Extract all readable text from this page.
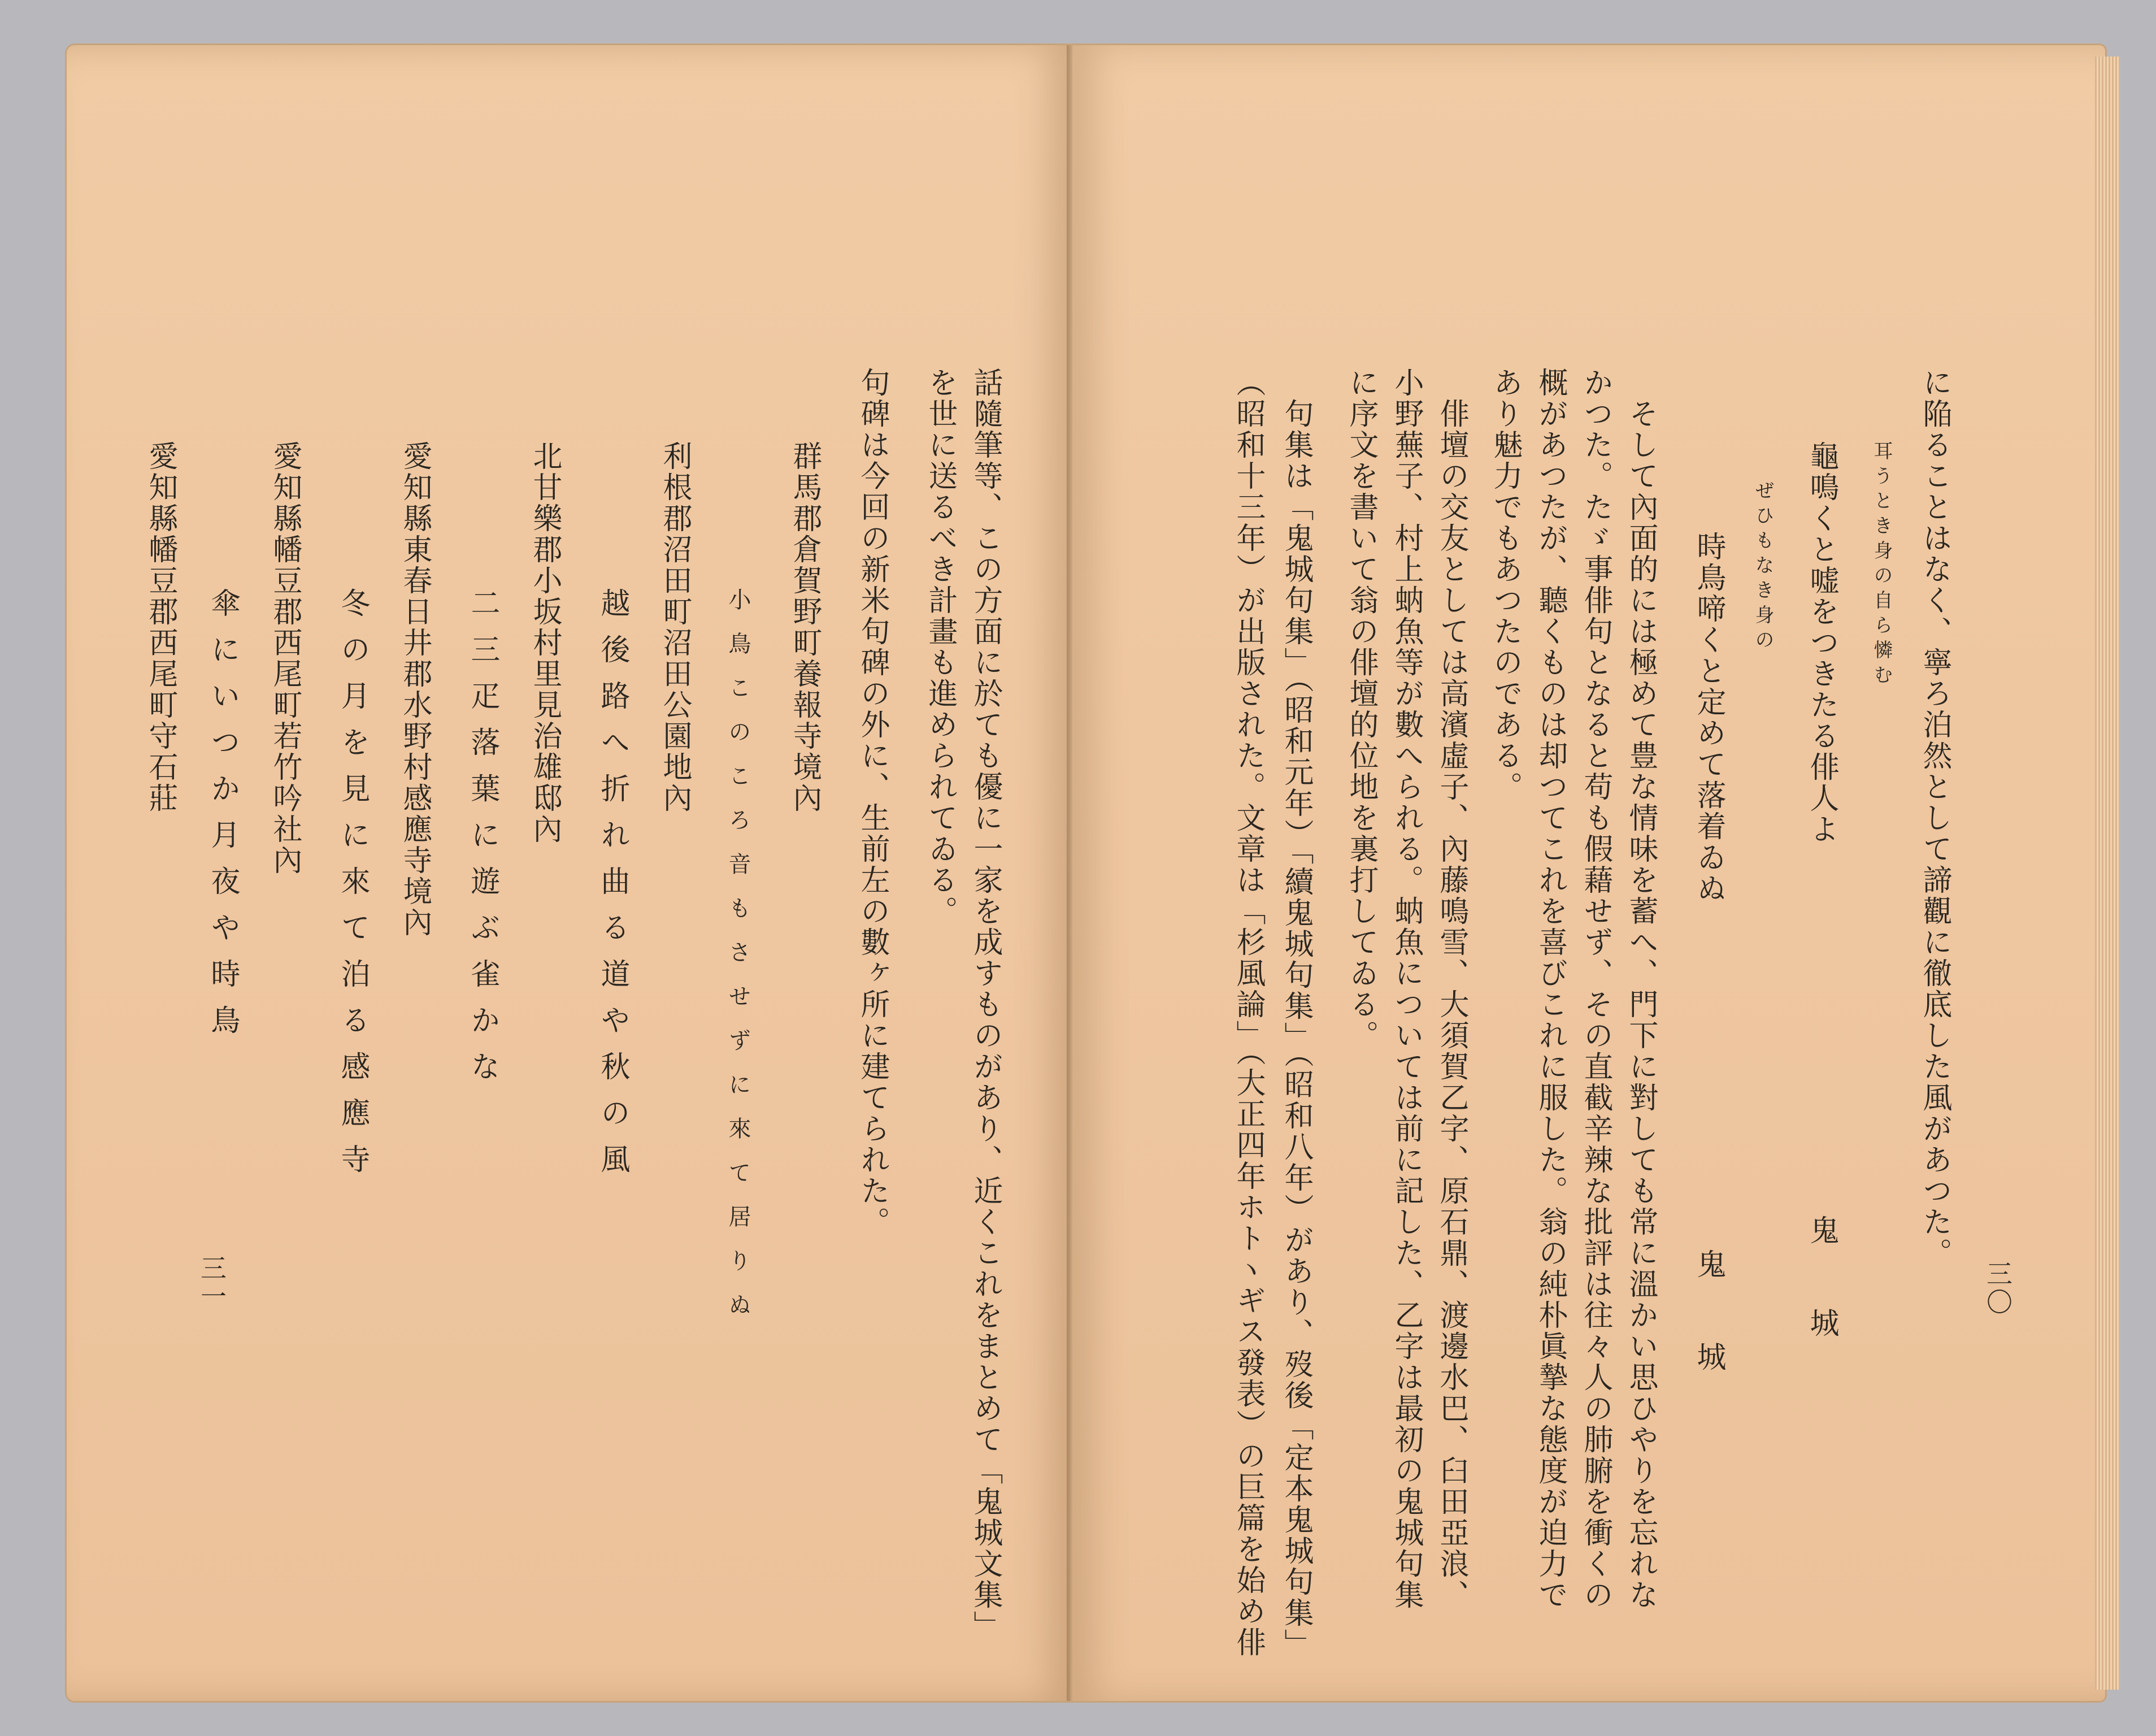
話隨筆等、この方面に於ても優に一家を成すものがあり、近くこれをまとめて「鬼城文集」
を世に送るべき計畫も進められてゐる。
句碑は今回の新米句碑の外に、生前左の數ヶ所に建てられた。
群馬郡倉賀野町養報寺境內
小鳥このころ音もさせずに來て居りぬ
利根郡沼田町沼田公園地內
越後路へ折れ曲る道や秋の風
北甘樂郡小坂村里見治雄邸內
二三疋落葉に遊ぶ雀かな
愛知縣東春日井郡水野村感應寺境內
冬の月を見に來て泊る感應寺
愛知縣幡豆郡西尾町若竹吟社內
傘にいつか月夜や時鳥
愛知縣幡豆郡西尾町守石莊
三一
に陥ることはなく、寧ろ泊然として諦觀に徹底した風があつた。
耳うとき身の自ら憐む
龜鳴くと嘘をつきたる俳人よ
鬼　城
ぜひもなき身の
時鳥啼くと定めて落着ゐぬ
鬼　城
そして內面的には極めて豊な情味を蓄へ、門下に對しても常に溫かい思ひやりを忘れな
かつた。たゞ事俳句となると苟も假藉せず、その直截辛辣な批評は往々人の肺腑を衝くの
概があつたが、聽くものは却つてこれを喜びこれに服した。翁の純朴眞摯な態度が迫力で
あり魅力でもあつたのである。
俳壇の交友としては高濱虛子、內藤鳴雪、大須賀乙字、原石鼎、渡邊水巴、臼田亞浪、
小野蕪子、村上蚋魚等が數へられる。蚋魚については前に記した、乙字は最初の鬼城句集
に序文を書いて翁の俳壇的位地を裏打してゐる。
句集は「鬼城句集」（昭和元年）「續鬼城句集」（昭和八年）があり、歿後「定本鬼城句集」
（昭和十三年）が出版された。文章は「杉風論」（大正四年ホトヽギス發表）の巨篇を始め俳	三〇
